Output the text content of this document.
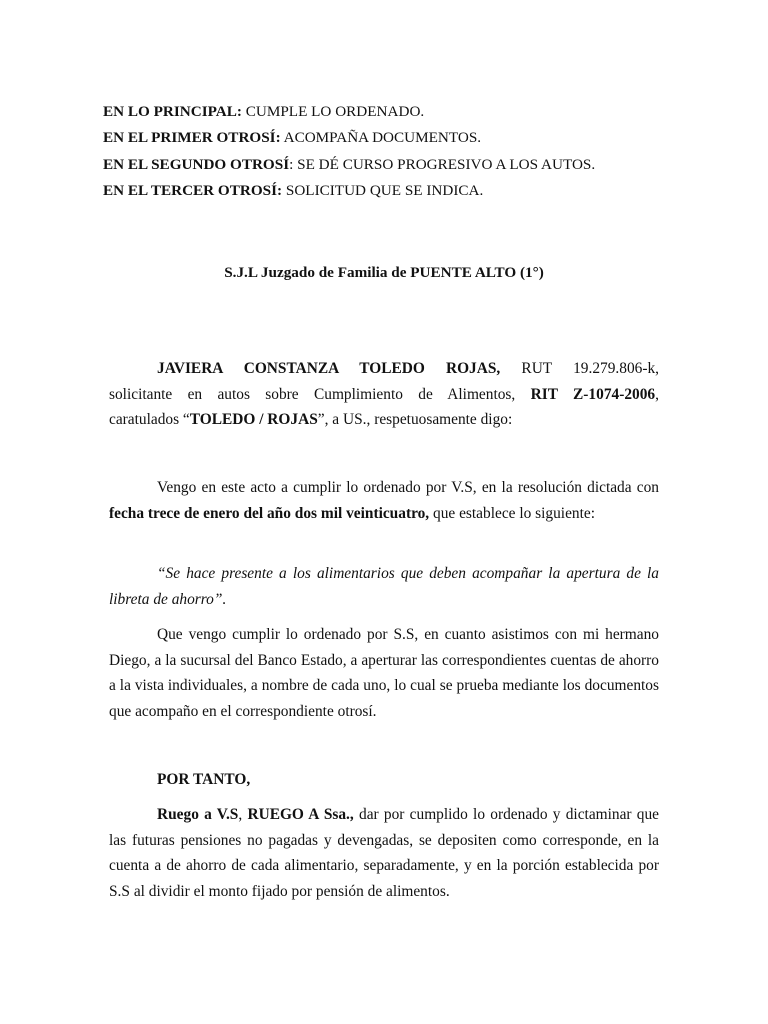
EN LO PRINCIPAL: CUMPLE LO ORDENADO.
EN EL PRIMER OTROSÍ: ACOMPAÑA DOCUMENTOS.
EN EL SEGUNDO OTROSÍ: SE DÉ CURSO PROGRESIVO A LOS AUTOS.
EN EL TERCER OTROSÍ: SOLICITUD QUE SE INDICA.
S.J.L Juzgado de Familia de PUENTE ALTO (1°)
JAVIERA CONSTANZA TOLEDO ROJAS, RUT 19.279.806-k,
solicitante en autos sobre Cumplimiento de Alimentos, RIT Z-1074-2006,
caratulados “TOLEDO / ROJAS”, a US., respetuosamente digo:
Vengo en este acto a cumplir lo ordenado por V.S, en la resolución dictada con fecha trece de enero del año dos mil veinticuatro, que establece lo siguiente:
“Se hace presente a los alimentarios que deben acompañar la apertura de la libreta de ahorro”.
Que vengo cumplir lo ordenado por S.S, en cuanto asistimos con mi hermano Diego, a la sucursal del Banco Estado, a aperturar las correspondientes cuentas de ahorro a la vista individuales, a nombre de cada uno, lo cual se prueba mediante los documentos que acompaño en el correspondiente otrosí.
POR TANTO,
Ruego a V.S, RUEGO A Ssa., dar por cumplido lo ordenado y dictaminar que las futuras pensiones no pagadas y devengadas, se depositen como corresponde, en la cuenta a de ahorro de cada alimentario, separadamente, y en la porción establecida por S.S al dividir el monto fijado por pensión de alimentos.
